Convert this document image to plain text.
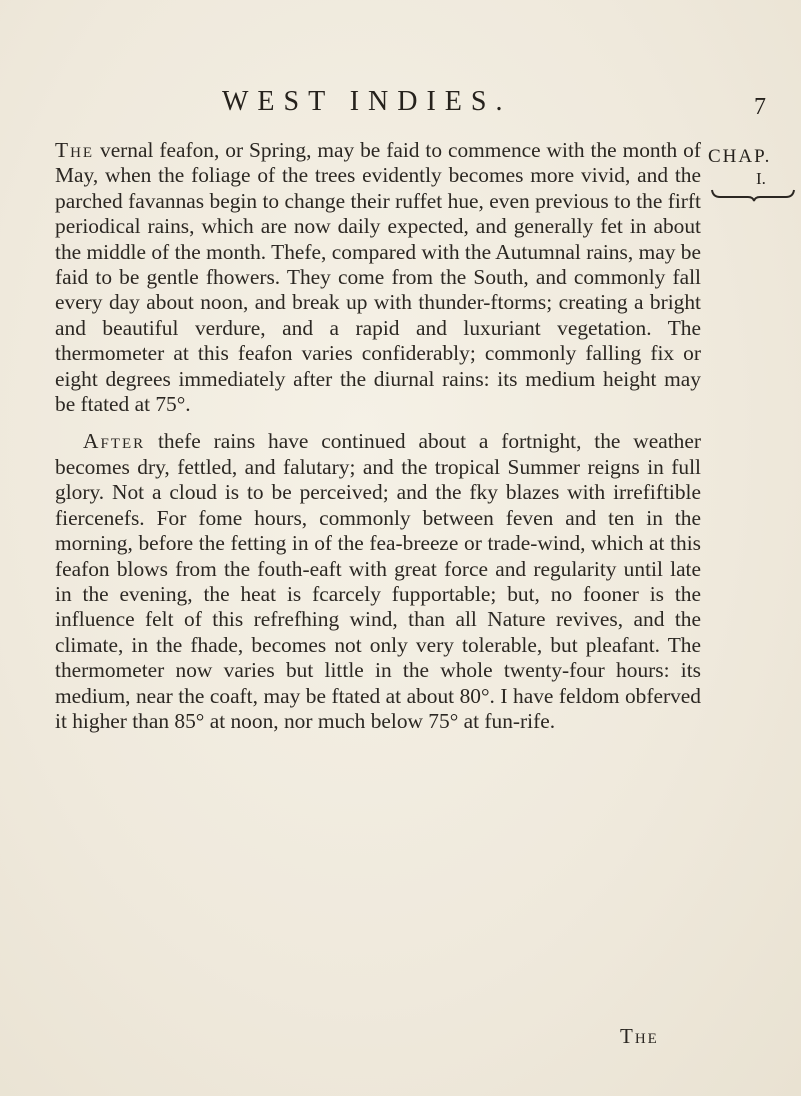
WEST INDIES.	7
CHAP.
I.

The vernal feafon, or Spring, may be faid to commence with the month of May, when the foliage of the trees evidently becomes more vivid, and the parched favannas begin to change their ruffet hue, even previous to the firft periodical rains, which are now daily expected, and generally fet in about the middle of the month. Thefe, compared with the Autumnal rains, may be faid to be gentle fhowers. They come from the South, and commonly fall every day about noon, and break up with thunder-ftorms; creating a bright and beautiful verdure, and a rapid and luxuriant vegetation. The thermometer at this feafon varies confiderably; commonly falling fix or eight degrees immediately after the diurnal rains: its medium height may be ftated at 75°.

After thefe rains have continued about a fortnight, the weather becomes dry, fettled, and falutary; and the tropical Summer reigns in full glory. Not a cloud is to be perceived; and the fky blazes with irrefiftible fiercenefs. For fome hours, commonly between feven and ten in the morning, before the fetting in of the fea-breeze or trade-wind, which at this feafon blows from the fouth-eaft with great force and regularity until late in the evening, the heat is fcarcely fupportable; but, no fooner is the influence felt of this refrefhing wind, than all Nature revives, and the climate, in the fhade, becomes not only very tolerable, but pleafant. The thermometer now varies but little in the whole twenty-four hours: its medium, near the coaft, may be ftated at about 80°. I have feldom obferved it higher than 85° at noon, nor much below 75° at fun-rife.

The
